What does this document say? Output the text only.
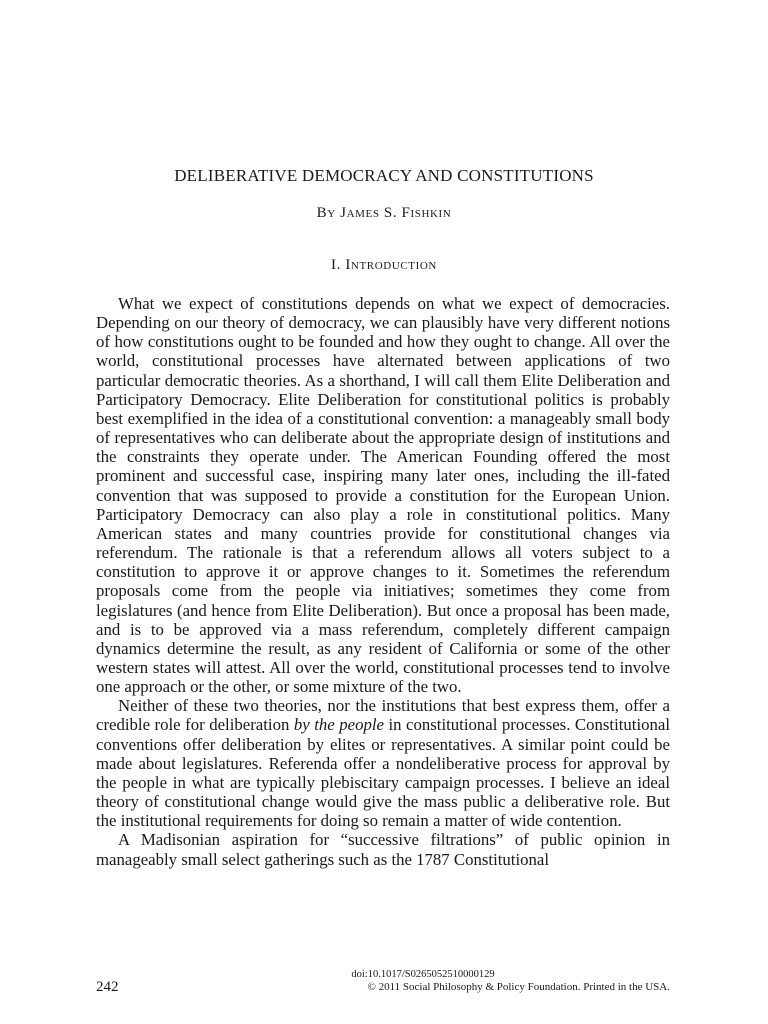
DELIBERATIVE DEMOCRACY AND CONSTITUTIONS
By James S. Fishkin
I. Introduction

What we expect of constitutions depends on what we expect of democracies. Depending on our theory of democracy, we can plausibly have very different notions of how constitutions ought to be founded and how they ought to change. All over the world, constitutional processes have alternated between applications of two particular democratic theories. As a shorthand, I will call them Elite Deliberation and Participatory Democracy. Elite Deliberation for constitutional politics is probably best exemplified in the idea of a constitutional convention: a manageably small body of representatives who can deliberate about the appropriate design of institutions and the constraints they operate under. The American Founding offered the most prominent and successful case, inspiring many later ones, including the ill-fated convention that was supposed to provide a constitution for the European Union. Participatory Democracy can also play a role in constitutional politics. Many American states and many countries provide for constitutional changes via referendum. The rationale is that a referendum allows all voters subject to a constitution to approve it or approve changes to it. Sometimes the referendum proposals come from the people via initiatives; sometimes they come from legislatures (and hence from Elite Deliberation). But once a proposal has been made, and is to be approved via a mass referendum, completely different campaign dynamics determine the result, as any resident of California or some of the other western states will attest. All over the world, constitutional processes tend to involve one approach or the other, or some mixture of the two.

Neither of these two theories, nor the institutions that best express them, offer a credible role for deliberation by the people in constitutional processes. Constitutional conventions offer deliberation by elites or representatives. A similar point could be made about legislatures. Referenda offer a nondeliberative process for approval by the people in what are typically plebiscitary campaign processes. I believe an ideal theory of constitutional change would give the mass public a deliberative role. But the institutional requirements for doing so remain a matter of wide contention.

A Madisonian aspiration for “successive filtrations” of public opinion in manageably small select gatherings such as the 1787 Constitutional

doi:10.1017/S0265052510000129
242	© 2011 Social Philosophy & Policy Foundation. Printed in the USA.
